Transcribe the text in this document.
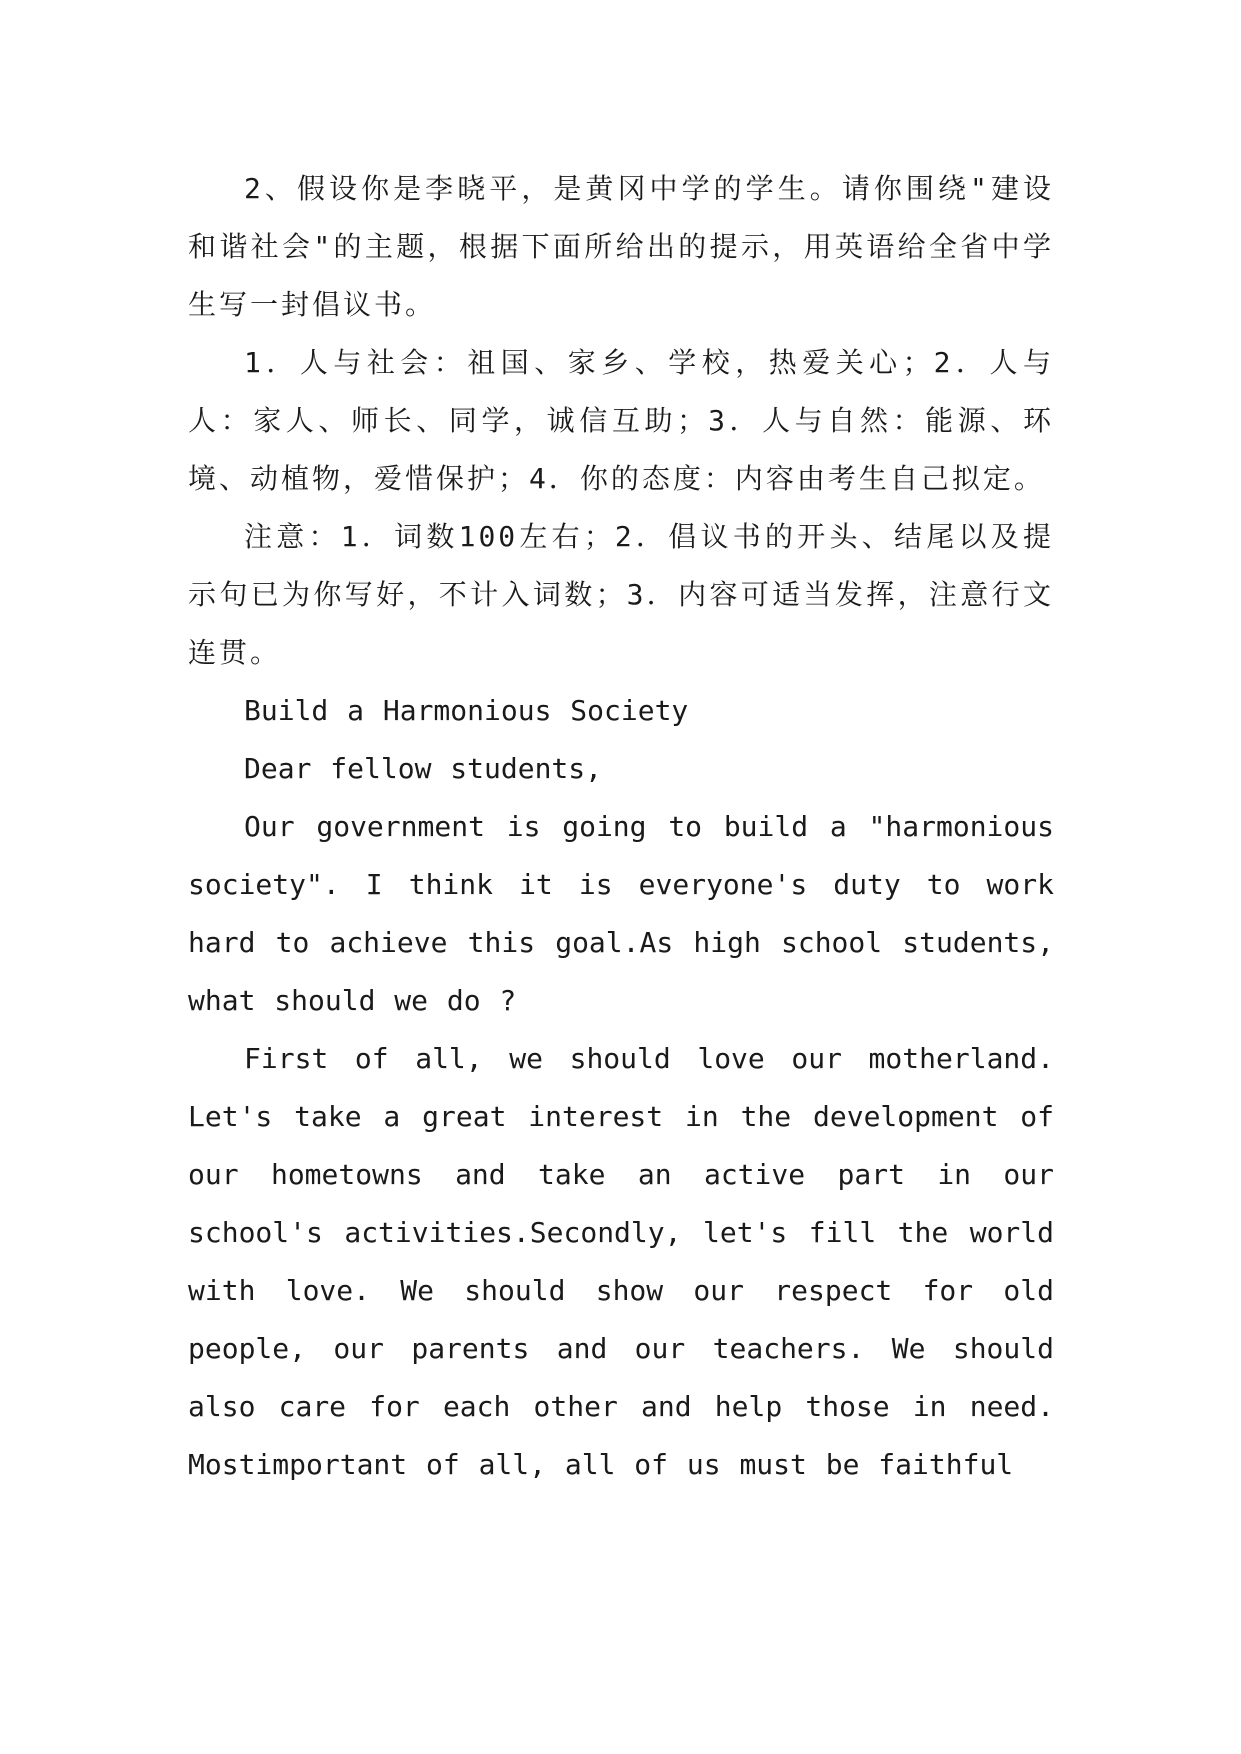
2、假设你是李晓平，是黄冈中学的学生。请你围绕"建设和谐社会"的主题，根据下面所给出的提示，用英语给全省中学生写一封倡议书。

1．人与社会：祖国、家乡、学校，热爱关心；2．人与人：家人、师长、同学，诚信互助；3．人与自然：能源、环境、动植物，爱惜保护；4．你的态度：内容由考生自己拟定。

注意：1．词数100左右；2．倡议书的开头、结尾以及提示句已为你写好，不计入词数；3．内容可适当发挥，注意行文连贯。

Build a Harmonious Society

Dear fellow students,

Our government is going to build a "harmonious society". I think it is everyone's duty to work hard to achieve this goal.As high school students, what should we do ?

First of all, we should love our motherland. Let's take a great interest in the development of our hometowns and take an active part in our school's activities.Secondly, let's fill the world with love. We should show our respect for old people, our parents and our teachers. We should also care for each other and help those in need. Mostimportant of all, all of us must be faithful
